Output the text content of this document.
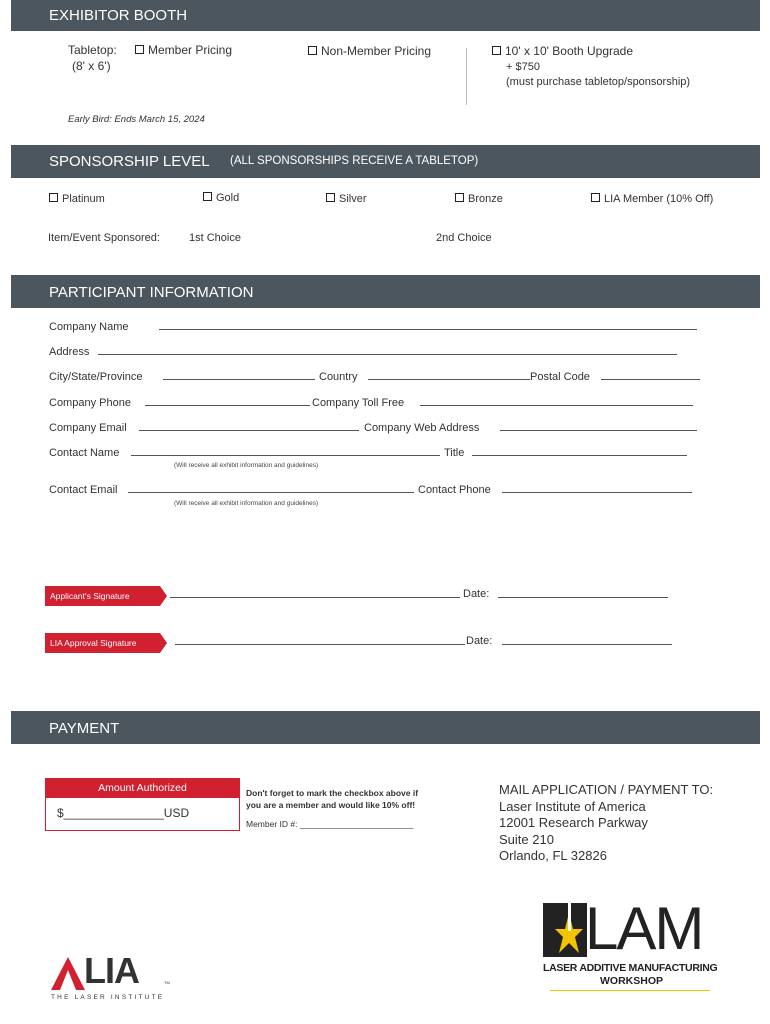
EXHIBITOR BOOTH
Tabletop:
(8' x 6')
Member Pricing	Non-Member Pricing	10' x 10' Booth Upgrade
+ $750
(must purchase tabletop/sponsorship)
Early Bird: Ends March 15, 2024
SPONSORSHIP LEVEL (ALL SPONSORSHIPS RECEIVE A TABLETOP)
Platinum	Gold	Silver	Bronze	LIA Member (10% Off)
Item/Event Sponsored:	1st Choice	2nd Choice
PARTICIPANT INFORMATION
Company Name
Address
City/State/Province	Country	Postal Code
Company Phone	Company Toll Free
Company Email	Company Web Address
Contact Name	Title
(Will receive all exhibit information and guidelines)
Contact Email	Contact Phone
(Will receive all exhibit information and guidelines)
Applicant's Signature	Date:
LIA Approval Signature	Date:
PAYMENT
Amount Authorized
$_______________USD
Don't forget to mark the checkbox above if
you are a member and would like 10% off!
Member ID #: ________________________
MAIL APPLICATION / PAYMENT TO:
Laser Institute of America
12001 Research Parkway
Suite 210
Orlando, FL 32826
LIA	TM
THE LASER INSTITUTE
LAM
LASER ADDITIVE MANUFACTURING
WORKSHOP
